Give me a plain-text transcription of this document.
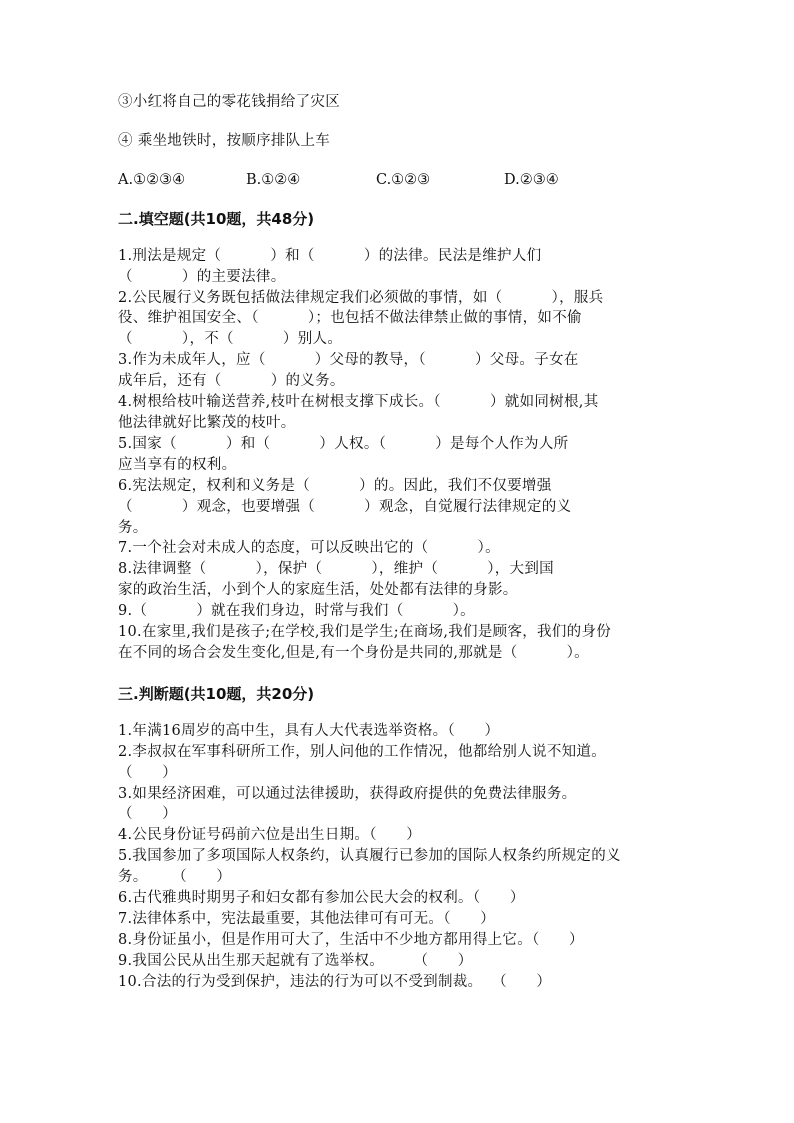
③小红将自己的零花钱捐给了灾区
④ 乘坐地铁时，按顺序排队上车
A.①②③④	B.①②④	C.①②③	D.②③④
二.填空题(共10题，共48分)
1.刑法是规定（          ）和（          ）的法律。民法是维护人们
（          ）的主要法律。
2.公民履行义务既包括做法律规定我们必须做的事情，如（          ），服兵
役、维护祖国安全、（          ）；也包括不做法律禁止做的事情，如不偷
（          ），不（          ）别人。
3.作为未成年人，应（          ）父母的教导，（          ）父母。子女在
成年后，还有（          ）的义务。
4.树根给枝叶输送营养,枝叶在树根支撑下成长。（          ）就如同树根,其
他法律就好比繁茂的枝叶。
5.国家（          ）和（          ）人权。（          ）是每个人作为人所
应当享有的权利。
6.宪法规定，权利和义务是（          ）的。因此，我们不仅要增强
（          ）观念，也要增强（          ）观念，自觉履行法律规定的义
务。
7.一个社会对未成人的态度，可以反映出它的（          ）。
8.法律调整（          ），保护（          ），维护（          ），大到国
家的政治生活，小到个人的家庭生活，处处都有法律的身影。
9.（          ）就在我们身边，时常与我们（          ）。
10.在家里,我们是孩子;在学校,我们是学生;在商场,我们是顾客，我们的身份
在不同的场合会发生变化,但是,有一个身份是共同的,那就是（          ）。
三.判断题(共10题，共20分)
1.年满16周岁的高中生，具有人大代表选举资格。（      ）
2.李叔叔在军事科研所工作，别人问他的工作情况，他都给别人说不知道。
（      ）
3.如果经济困难，可以通过法律援助，获得政府提供的免费法律服务。
（      ）
4.公民身份证号码前六位是出生日期。（      ）
5.我国参加了多项国际人权条约，认真履行已参加的国际人权条约所规定的义
务。     （      ）
6.古代雅典时期男子和妇女都有参加公民大会的权利。（      ）
7.法律体系中，宪法最重要，其他法律可有可无。（      ）
8.身份证虽小，但是作用可大了，生活中不少地方都用得上它。（      ）
9.我国公民从出生那天起就有了选举权。      （      ）
10.合法的行为受到保护，违法的行为可以不受到制裁。  （      ）
